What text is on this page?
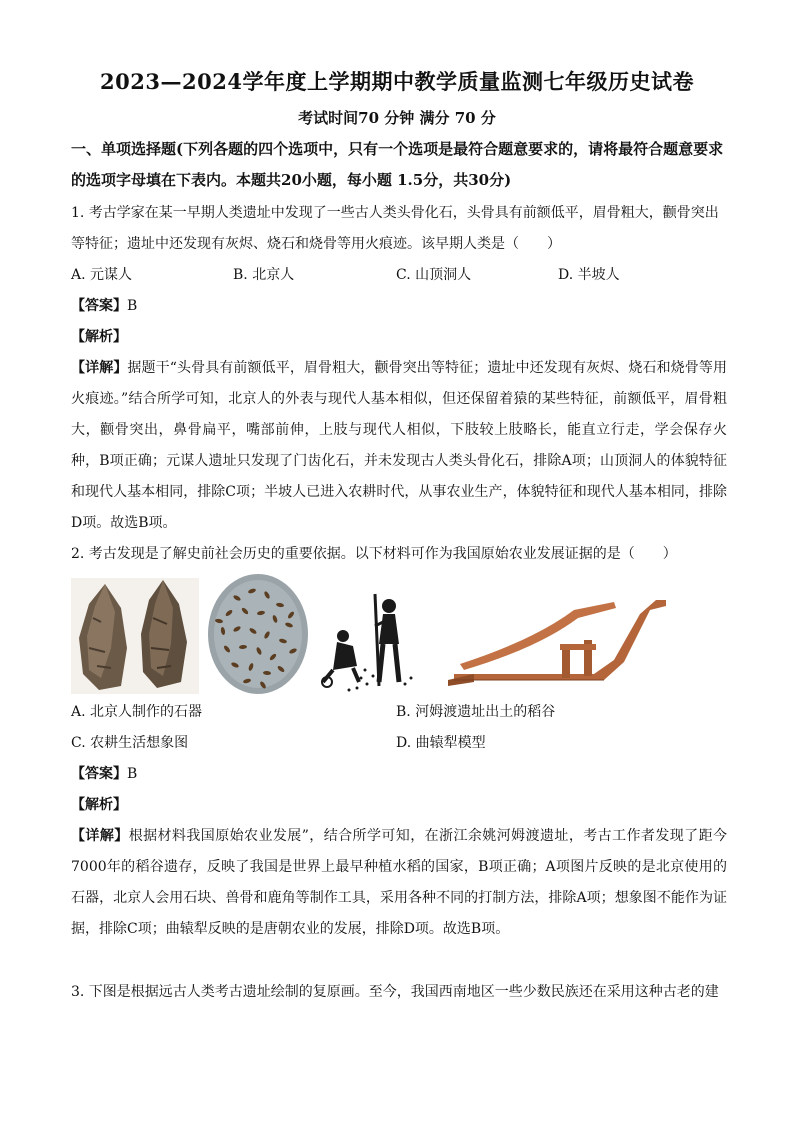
2023—2024学年度上学期期中教学质量监测七年级历史试卷
考试时间70 分钟 满分 70 分
一、单项选择题(下列各题的四个选项中，只有一个选项是最符合题意要求的，请将最符合题意要求的选项字母填在下表内。本题共20小题，每小题 1.5分，共30分)
1. 考古学家在某一早期人类遗址中发现了一些古人类头骨化石，头骨具有前额低平，眉骨粗大，颧骨突出
等特征；遗址中还发现有灰烬、烧石和烧骨等用火痕迹。该早期人类是（　　）
A. 元谋人	B. 北京人	C. 山顶洞人	D. 半坡人
【答案】B
【解析】
【详解】据题干“头骨具有前额低平，眉骨粗大，颧骨突出等特征；遗址中还发现有灰烬、烧石和烧骨等用火痕迹。”结合所学可知，北京人的外表与现代人基本相似，但还保留着猿的某些特征，前额低平，眉骨粗大，颧骨突出，鼻骨扁平，嘴部前伸，上肢与现代人相似，下肢较上肢略长，能直立行走，学会保存火种，B项正确；元谋人遗址只发现了门齿化石，并未发现古人类头骨化石，排除A项；山顶洞人的体貌特征和现代人基本相同，排除C项；半坡人已进入农耕时代，从事农业生产，体貌特征和现代人基本相同，排除D项。故选B项。
2. 考古发现是了解史前社会历史的重要依据。以下材料可作为我国原始农业发展证据的是（　　）
A. 北京人制作的石器	B. 河姆渡遗址出土的稻谷
C. 农耕生活想象图	D. 曲辕犁模型
【答案】B
【解析】
【详解】根据材料我国原始农业发展”，结合所学可知，在浙江余姚河姆渡遗址，考古工作者发现了距今7000年的稻谷遗存，反映了我国是世界上最早种植水稻的国家，B项正确；A项图片反映的是北京使用的石器，北京人会用石块、兽骨和鹿角等制作工具，采用各种不同的打制方法，排除A项；想象图不能作为证据，排除C项；曲辕犁反映的是唐朝农业的发展，排除D项。故选B项。
3. 下图是根据远古人类考古遗址绘制的复原画。至今，我国西南地区一些少数民族还在采用这种古老的建
